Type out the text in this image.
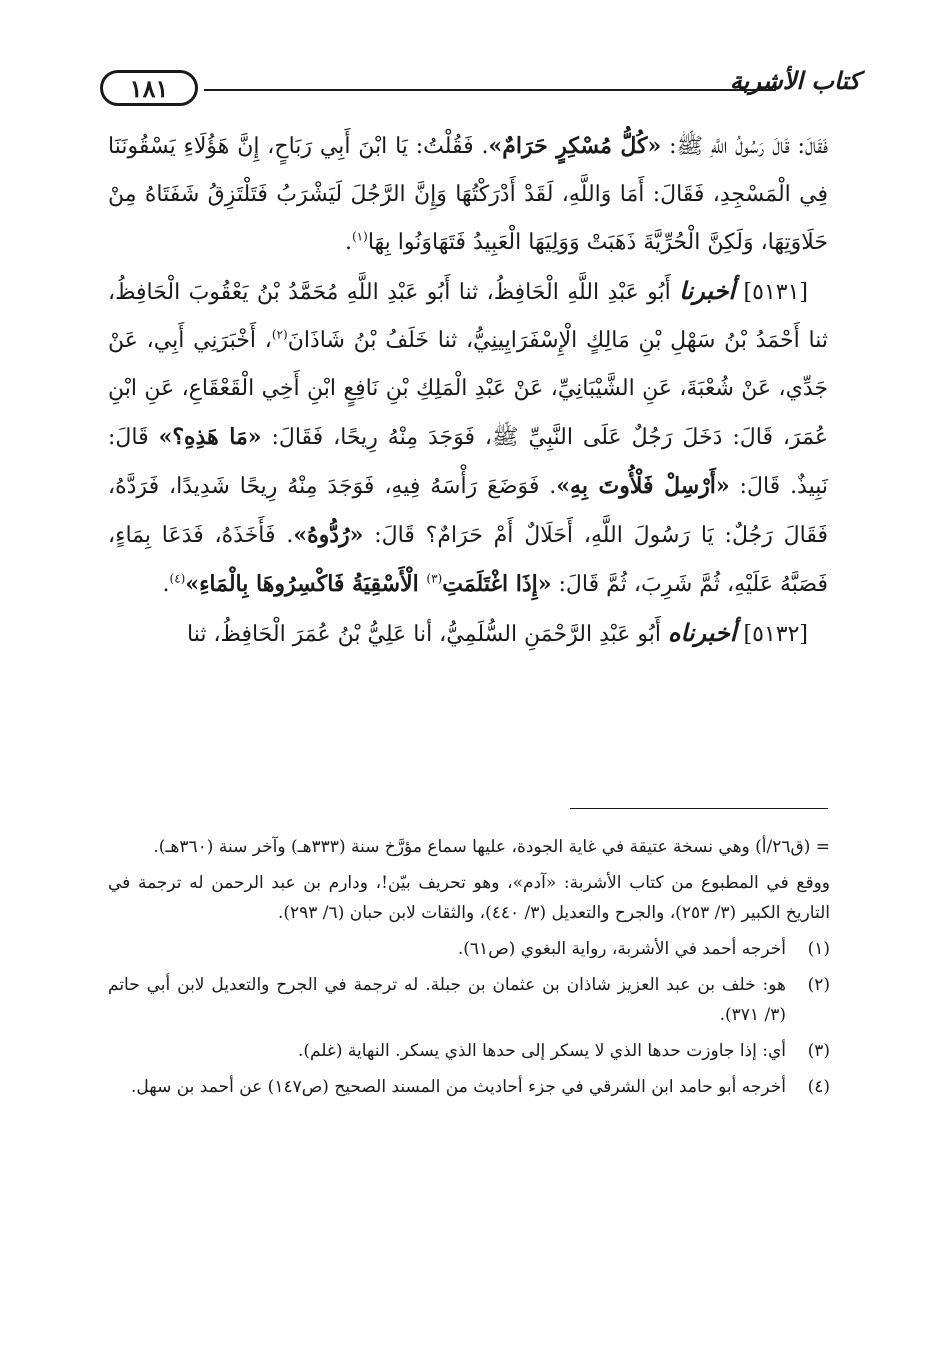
١٨١	كتاب الأشربة

فَقَالَ: قَالَ رَسُولُ اللَّهِ ﷺ: «كُلُّ مُسْكِرٍ حَرَامٌ». فَقُلْتُ: يَا ابْنَ أَبِي رَبَاحٍ، إِنَّ هَؤُلَاءِ يَسْقُونَنَا فِي الْمَسْجِدِ، فَقَالَ: أَمَا وَاللَّهِ، لَقَدْ أَدْرَكْتُهَا وَإِنَّ الرَّجُلَ لَيَشْرَبُ فَتَلْتَزِقُ شَفَتَاهُ مِنْ حَلَاوَتِهَا، وَلَكِنَّ الْحُرِّيَّةَ ذَهَبَتْ وَوَلِيَهَا الْعَبِيدُ فَتَهَاوَنُوا بِهَا$^{(١)}$.

[٥١٣١] أخبرنا أَبُو عَبْدِ اللَّهِ الْحَافِظُ، ثنا أَبُو عَبْدِ اللَّهِ مُحَمَّدُ بْنُ يَعْقُوبَ الْحَافِظُ، ثنا أَحْمَدُ بْنُ سَهْلِ بْنِ مَالِكٍ الْإِسْفَرَايِينِيُّ، ثنا خَلَفُ بْنُ شَاذَانَ$^{(٢)}$، أَخْبَرَنِي أَبِي، عَنْ جَدِّي، عَنْ شُعْبَةَ، عَنِ الشَّيْبَانِيِّ، عَنْ عَبْدِ الْمَلِكِ بْنِ نَافِعٍ ابْنِ أَخِي الْقَعْقَاعِ، عَنِ ابْنِ عُمَرَ، قَالَ: دَخَلَ رَجُلٌ عَلَى النَّبِيِّ ﷺ، فَوَجَدَ مِنْهُ رِيحًا، فَقَالَ: «مَا هَذِهِ؟» قَالَ: نَبِيذٌ. قَالَ: «أَرْسِلْ فَلْأُوتَ بِهِ». فَوَضَعَ رَأْسَهُ فِيهِ، فَوَجَدَ مِنْهُ رِيحًا شَدِيدًا، فَرَدَّهُ، فَقَالَ رَجُلٌ: يَا رَسُولَ اللَّهِ، أَحَلَالٌ أَمْ حَرَامٌ؟ قَالَ: «رُدُّوهُ». فَأَخَذَهُ، فَدَعَا بِمَاءٍ، فَصَبَّهُ عَلَيْهِ، ثُمَّ شَرِبَ، ثُمَّ قَالَ: «إِذَا اغْتَلَمَتِ$^{(٣)}$ الْأَسْقِيَةُ فَاكْسِرُوهَا بِالْمَاءِ»$^{(٤)}$.

[٥١٣٢] أخبرناه أَبُو عَبْدِ الرَّحْمَنِ السُّلَمِيُّ، أنا عَلِيُّ بْنُ عُمَرَ الْحَافِظُ، ثنا

= (ق٢٦/أ) وهي نسخة عتيقة في غاية الجودة، عليها سماع مؤرَّخ سنة (٣٣٣هـ) وآخر سنة (٣٦٠هـ).

ووقع في المطبوع من كتاب الأشربة: «آدم»، وهو تحريف بيّن!، ودارم بن عبد الرحمن له ترجمة في التاريخ الكبير (٣/ ٢٥٣)، والجرح والتعديل (٣/ ٤٤٠)، والثقات لابن حبان (٦/ ٢٩٣).

(١)
أخرجه أحمد في الأشربة، رواية البغوي (ص٦١).
(٢)
هو: خلف بن عبد العزيز شاذان بن عثمان بن جبلة. له ترجمة في الجرح والتعديل لابن أبي حاتم (٣/ ٣٧١).
(٣)
أي: إذا جاوزت حدها الذي لا يسكر إلى حدها الذي يسكر. النهاية (غلم).
(٤)
أخرجه أبو حامد ابن الشرقي في جزء أحاديث من المسند الصحيح (ص١٤٧) عن أحمد بن سهل.
